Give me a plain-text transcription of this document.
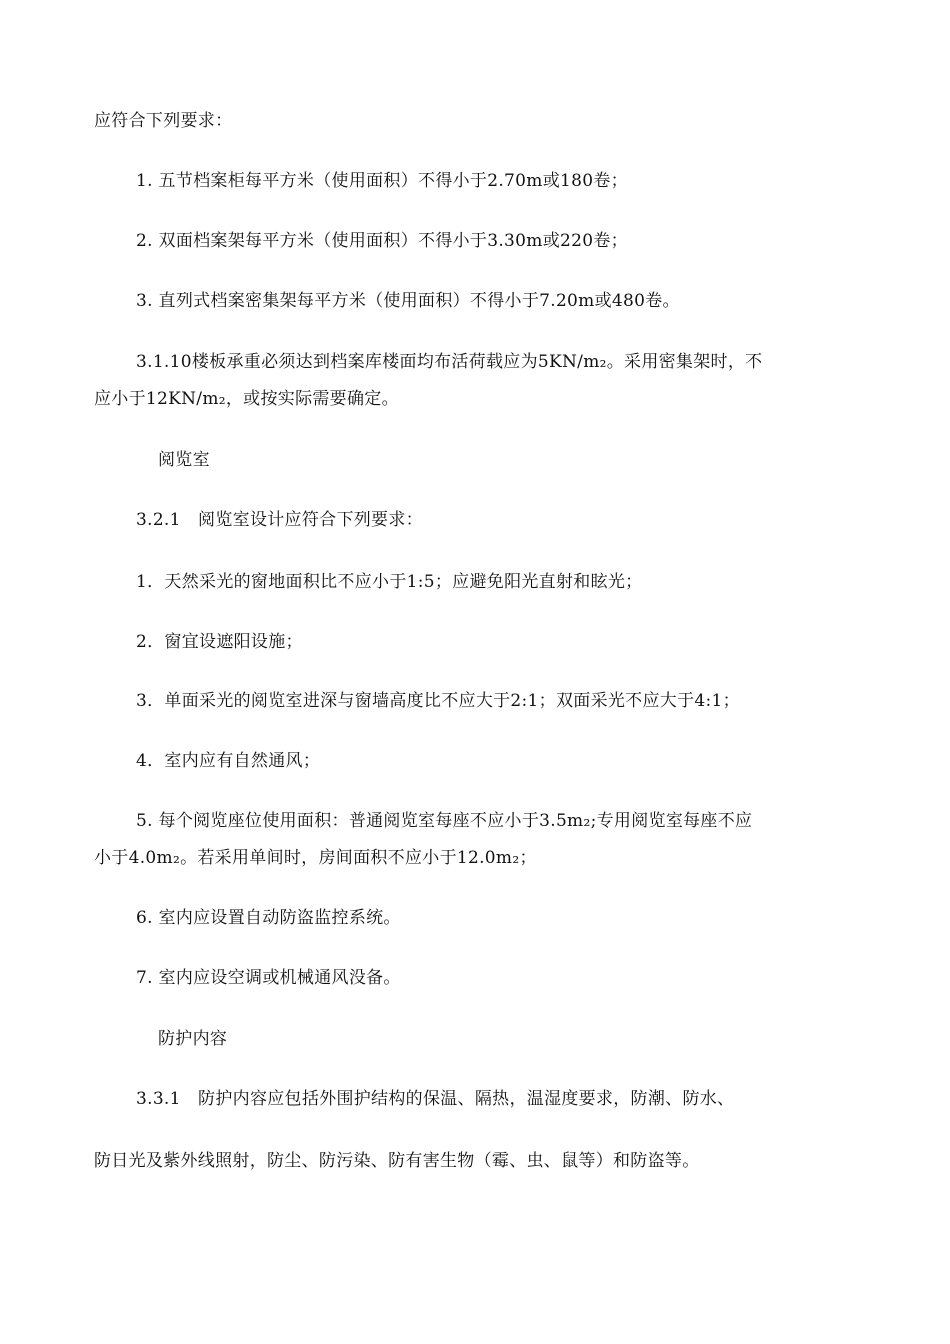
应符合下列要求：
1. 五节档案柜每平方米（使用面积）不得小于2.70m或180卷；
2. 双面档案架每平方米（使用面积）不得小于3.30m或220卷；
3. 直列式档案密集架每平方米（使用面积）不得小于7.20m或480卷。
3.1.10楼板承重必须达到档案库楼面均布活荷载应为5KN/m₂。采用密集架时，不
应小于12KN/m₂，或按实际需要确定。
阅览室
3.2.1　阅览室设计应符合下列要求：
1．天然采光的窗地面积比不应小于1:5；应避免阳光直射和眩光；
2．窗宜设遮阳设施；
3．单面采光的阅览室进深与窗墙高度比不应大于2:1；双面采光不应大于4:1；
4．室内应有自然通风；
5. 每个阅览座位使用面积：普通阅览室每座不应小于3.5m₂;专用阅览室每座不应
小于4.0m₂。若采用单间时，房间面积不应小于12.0m₂；
6. 室内应设置自动防盗监控系统。
7. 室内应设空调或机械通风没备。
防护内容
3.3.1　防护内容应包括外围护结构的保温、隔热，温湿度要求，防潮、防水、
防日光及紫外线照射，防尘、防污染、防有害生物（霉、虫、鼠等）和防盗等。
